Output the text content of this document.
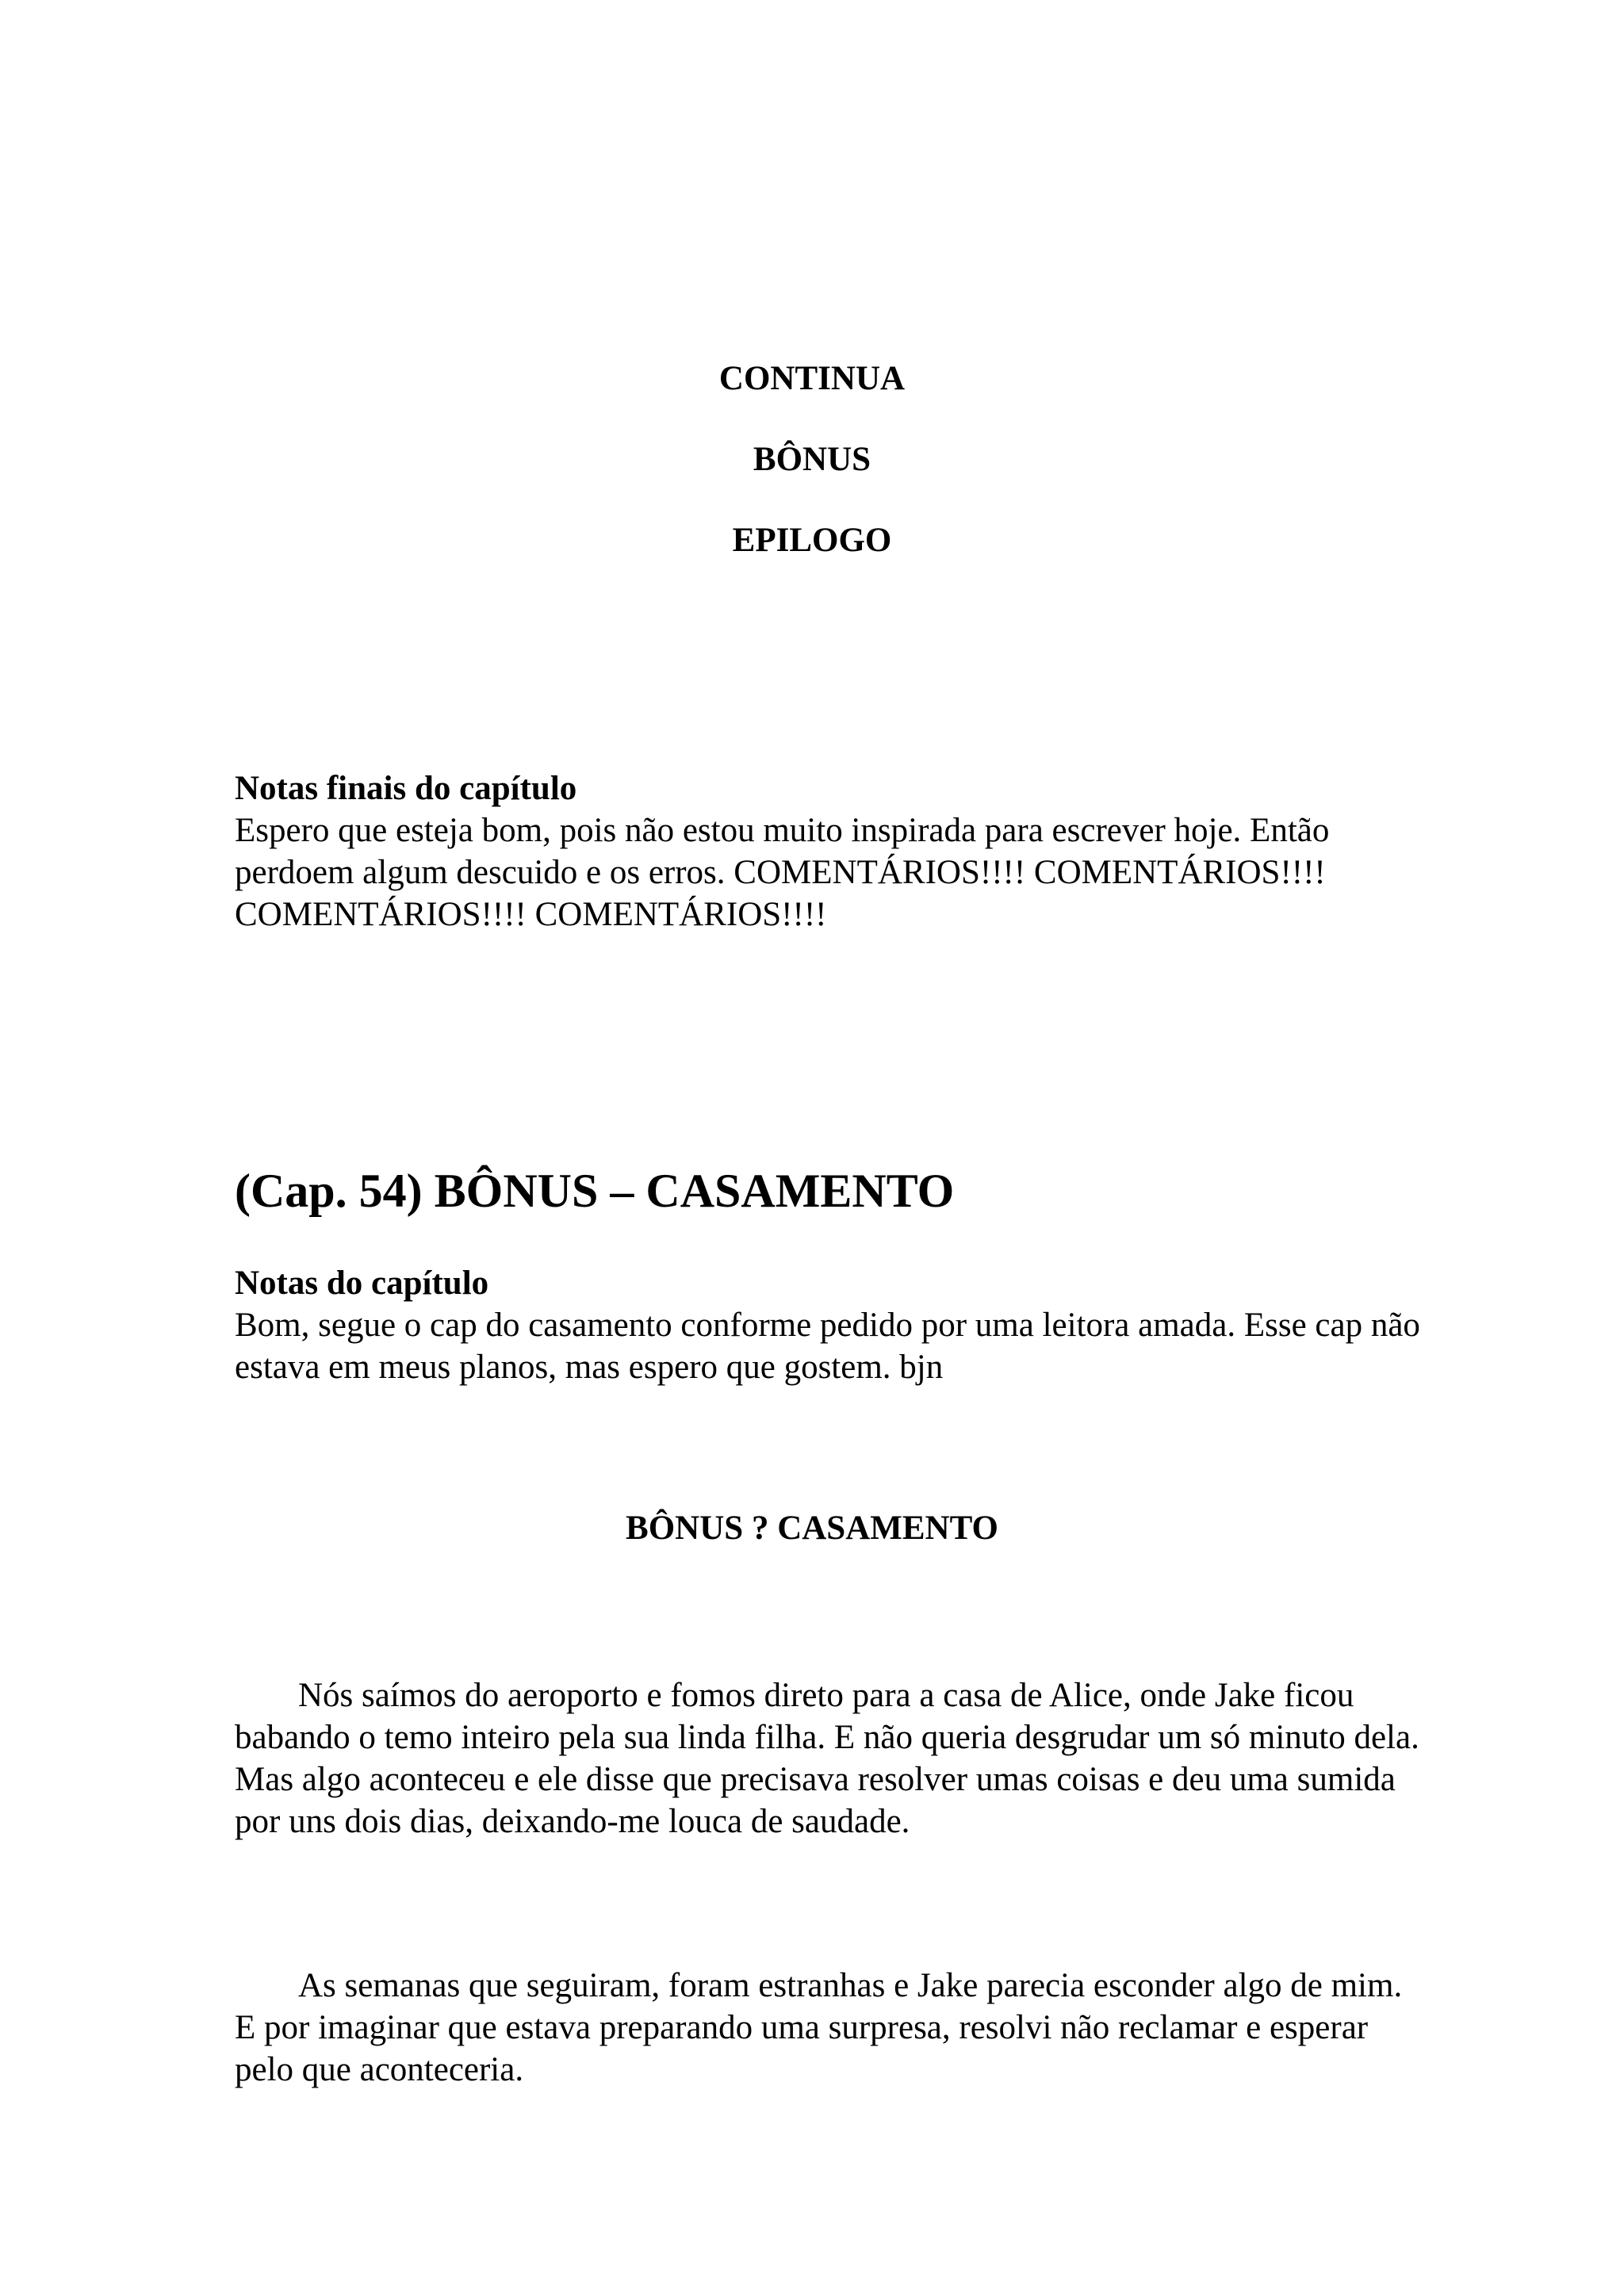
CONTINUA

BÔNUS

EPILOGO

Notas finais do capítulo
Espero que esteja bom, pois não estou muito inspirada para escrever hoje. Então perdoem algum descuido e os erros. COMENTÁRIOS!!!! COMENTÁRIOS!!!! COMENTÁRIOS!!!! COMENTÁRIOS!!!!
(Cap. 54) BÔNUS – CASAMENTO
Notas do capítulo
Bom, segue o cap do casamento conforme pedido por uma leitora amada. Esse cap não estava em meus planos, mas espero que gostem. bjn

BÔNUS ? CASAMENTO

Nós saímos do aeroporto e fomos direto para a casa de Alice, onde Jake ficou babando o temo inteiro pela sua linda filha. E não queria desgrudar um só minuto dela. Mas algo aconteceu e ele disse que precisava resolver umas coisas e deu uma sumida por uns dois dias, deixando-me louca de saudade.

As semanas que seguiram, foram estranhas e Jake parecia esconder algo de mim. E por imaginar que estava preparando uma surpresa, resolvi não reclamar e esperar pelo que aconteceria.
